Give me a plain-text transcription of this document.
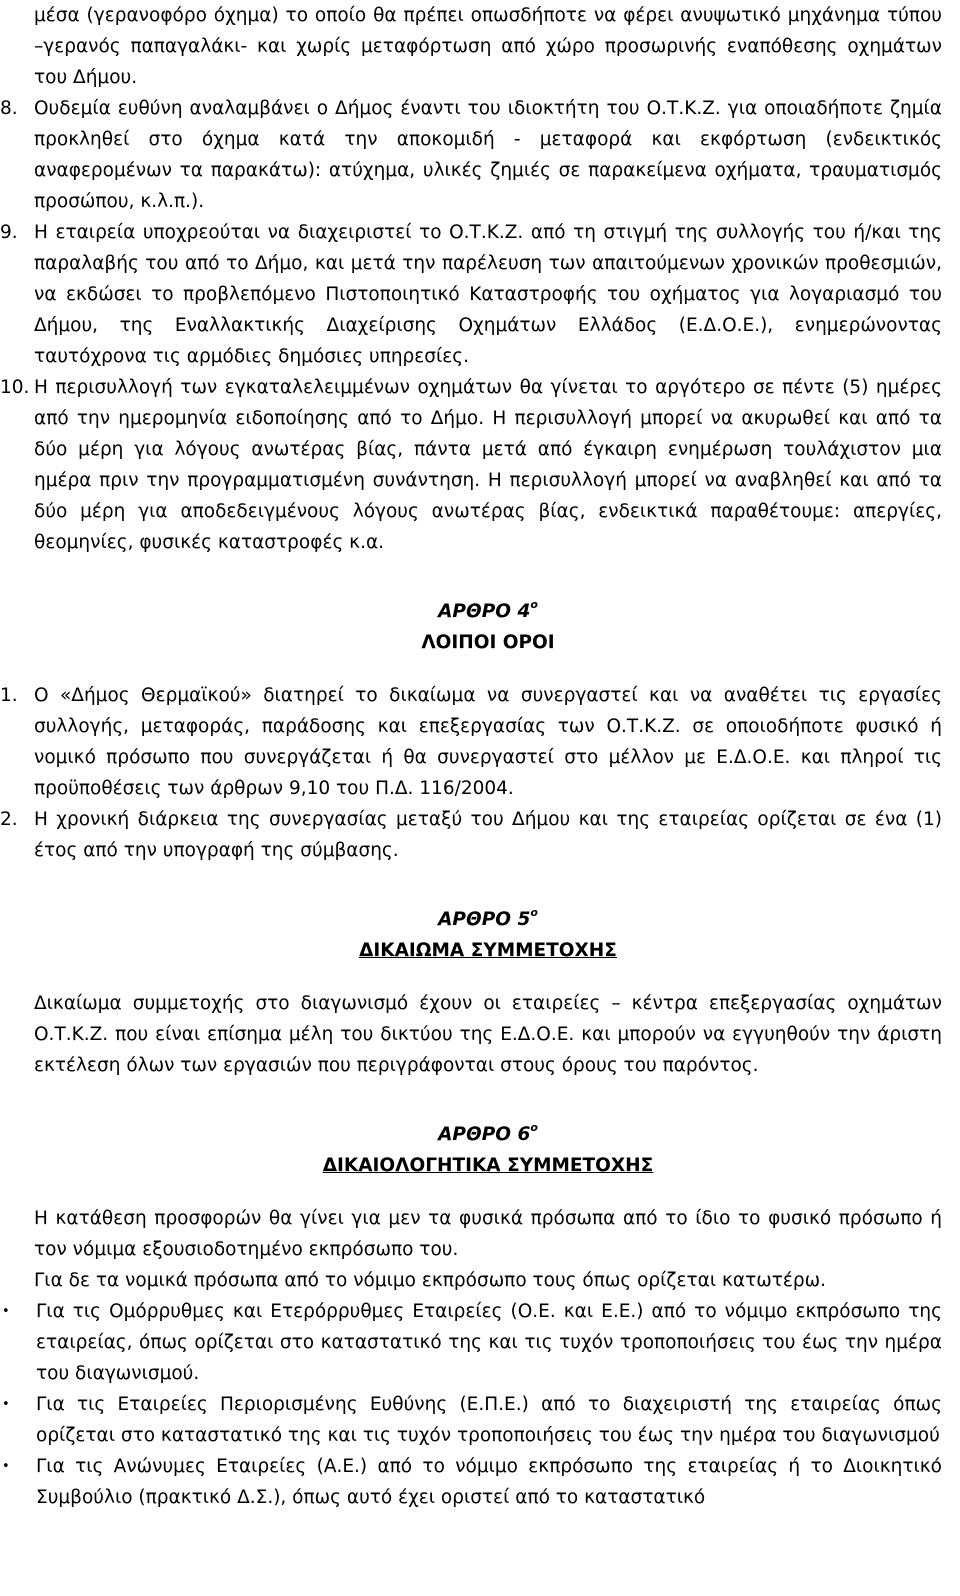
μέσα (γερανοφόρο όχημα) το οποίο θα πρέπει οπωσδήποτε να φέρει ανυψωτικό μηχάνημα τύπου –γερανός παπαγαλάκι- και χωρίς μεταφόρτωση από χώρο προσωρινής εναπόθεσης οχημάτων του Δήμου.

8. Ουδεμία ευθύνη αναλαμβάνει ο Δήμος έναντι του ιδιοκτήτη του Ο.Τ.Κ.Ζ. για οποιαδήποτε ζημία προκληθεί στο όχημα κατά την αποκομιδή - μεταφορά και εκφόρτωση (ενδεικτικός αναφερομένων τα παρακάτω): ατύχημα, υλικές ζημιές σε παρακείμενα οχήματα, τραυματισμός προσώπου, κ.λ.π.).
9. Η εταιρεία υποχρεούται να διαχειριστεί το Ο.Τ.Κ.Ζ. από τη στιγμή της συλλογής του ή/και της παραλαβής του από το Δήμο, και μετά την παρέλευση των απαιτούμενων χρονικών προθεσμιών, να εκδώσει το προβλεπόμενο Πιστοποιητικό Καταστροφής του οχήματος για λογαριασμό του Δήμου, της Εναλλακτικής Διαχείρισης Οχημάτων Ελλάδος (Ε.Δ.Ο.Ε.), ενημερώνοντας ταυτόχρονα τις αρμόδιες δημόσιες υπηρεσίες.
10. Η περισυλλογή των εγκαταλελειμμένων οχημάτων θα γίνεται το αργότερο σε πέντε (5) ημέρες από την ημερομηνία ειδοποίησης από το Δήμο. Η περισυλλογή μπορεί να ακυρωθεί και από τα δύο μέρη για λόγους ανωτέρας βίας, πάντα μετά από έγκαιρη ενημέρωση τουλάχιστον μια ημέρα πριν την προγραμματισμένη συνάντηση. Η περισυλλογή μπορεί να αναβληθεί και από τα δύο μέρη για αποδεδειγμένους λόγους ανωτέρας βίας, ενδεικτικά παραθέτουμε: απεργίες, θεομηνίες, φυσικές καταστροφές κ.α.

ΑΡΘΡΟ $4^o$

ΛΟΙΠΟΙ ΟΡΟΙ

1. Ο «Δήμος Θερμαϊκού» διατηρεί το δικαίωμα να συνεργαστεί και να αναθέτει τις εργασίες συλλογής, μεταφοράς, παράδοσης και επεξεργασίας των Ο.Τ.Κ.Ζ. σε οποιοδήποτε φυσικό ή νομικό πρόσωπο που συνεργάζεται ή θα συνεργαστεί στο μέλλον με Ε.Δ.Ο.Ε. και πληροί τις προϋποθέσεις των άρθρων 9,10 του Π.Δ. 116/2004.
2. Η χρονική διάρκεια της συνεργασίας μεταξύ του Δήμου και της εταιρείας ορίζεται σε ένα (1) έτος από την υπογραφή της σύμβασης.

ΑΡΘΡΟ $5^o$

ΔΙΚΑΙΩΜΑ ΣΥΜΜΕΤΟΧΗΣ

Δικαίωμα συμμετοχής στο διαγωνισμό έχουν οι εταιρείες – κέντρα επεξεργασίας οχημάτων Ο.Τ.Κ.Ζ. που είναι επίσημα μέλη του δικτύου της Ε.Δ.Ο.Ε. και μπορούν να εγγυηθούν την άριστη εκτέλεση όλων των εργασιών που περιγράφονται στους όρους του παρόντος.

ΑΡΘΡΟ $6^o$

ΔΙΚΑΙΟΛΟΓΗΤΙΚΑ ΣΥΜΜΕΤΟΧΗΣ

Η κατάθεση προσφορών θα γίνει για μεν τα φυσικά πρόσωπα από το ίδιο το φυσικό πρόσωπο ή τον νόμιμα εξουσιοδοτημένο εκπρόσωπο του.

Για δε τα νομικά πρόσωπα από το νόμιμο εκπρόσωπο τους όπως ορίζεται κατωτέρω.

•	Για τις Ομόρρυθμες και Ετερόρρυθμες Εταιρείες (Ο.Ε. και Ε.Ε.) από το νόμιμο εκπρόσωπο της εταιρείας, όπως ορίζεται στο καταστατικό της και τις τυχόν τροποποιήσεις του έως την ημέρα του διαγωνισμού.
•	Για τις Εταιρείες Περιορισμένης Ευθύνης (Ε.Π.Ε.) από το διαχειριστή της εταιρείας όπως ορίζεται στο καταστατικό της και τις τυχόν τροποποιήσεις του έως την ημέρα του διαγωνισμού
•	Για τις Ανώνυμες Εταιρείες (Α.Ε.) από το νόμιμο εκπρόσωπο της εταιρείας ή το Διοικητικό Συμβούλιο (πρακτικό Δ.Σ.), όπως αυτό έχει οριστεί από το καταστατικό
